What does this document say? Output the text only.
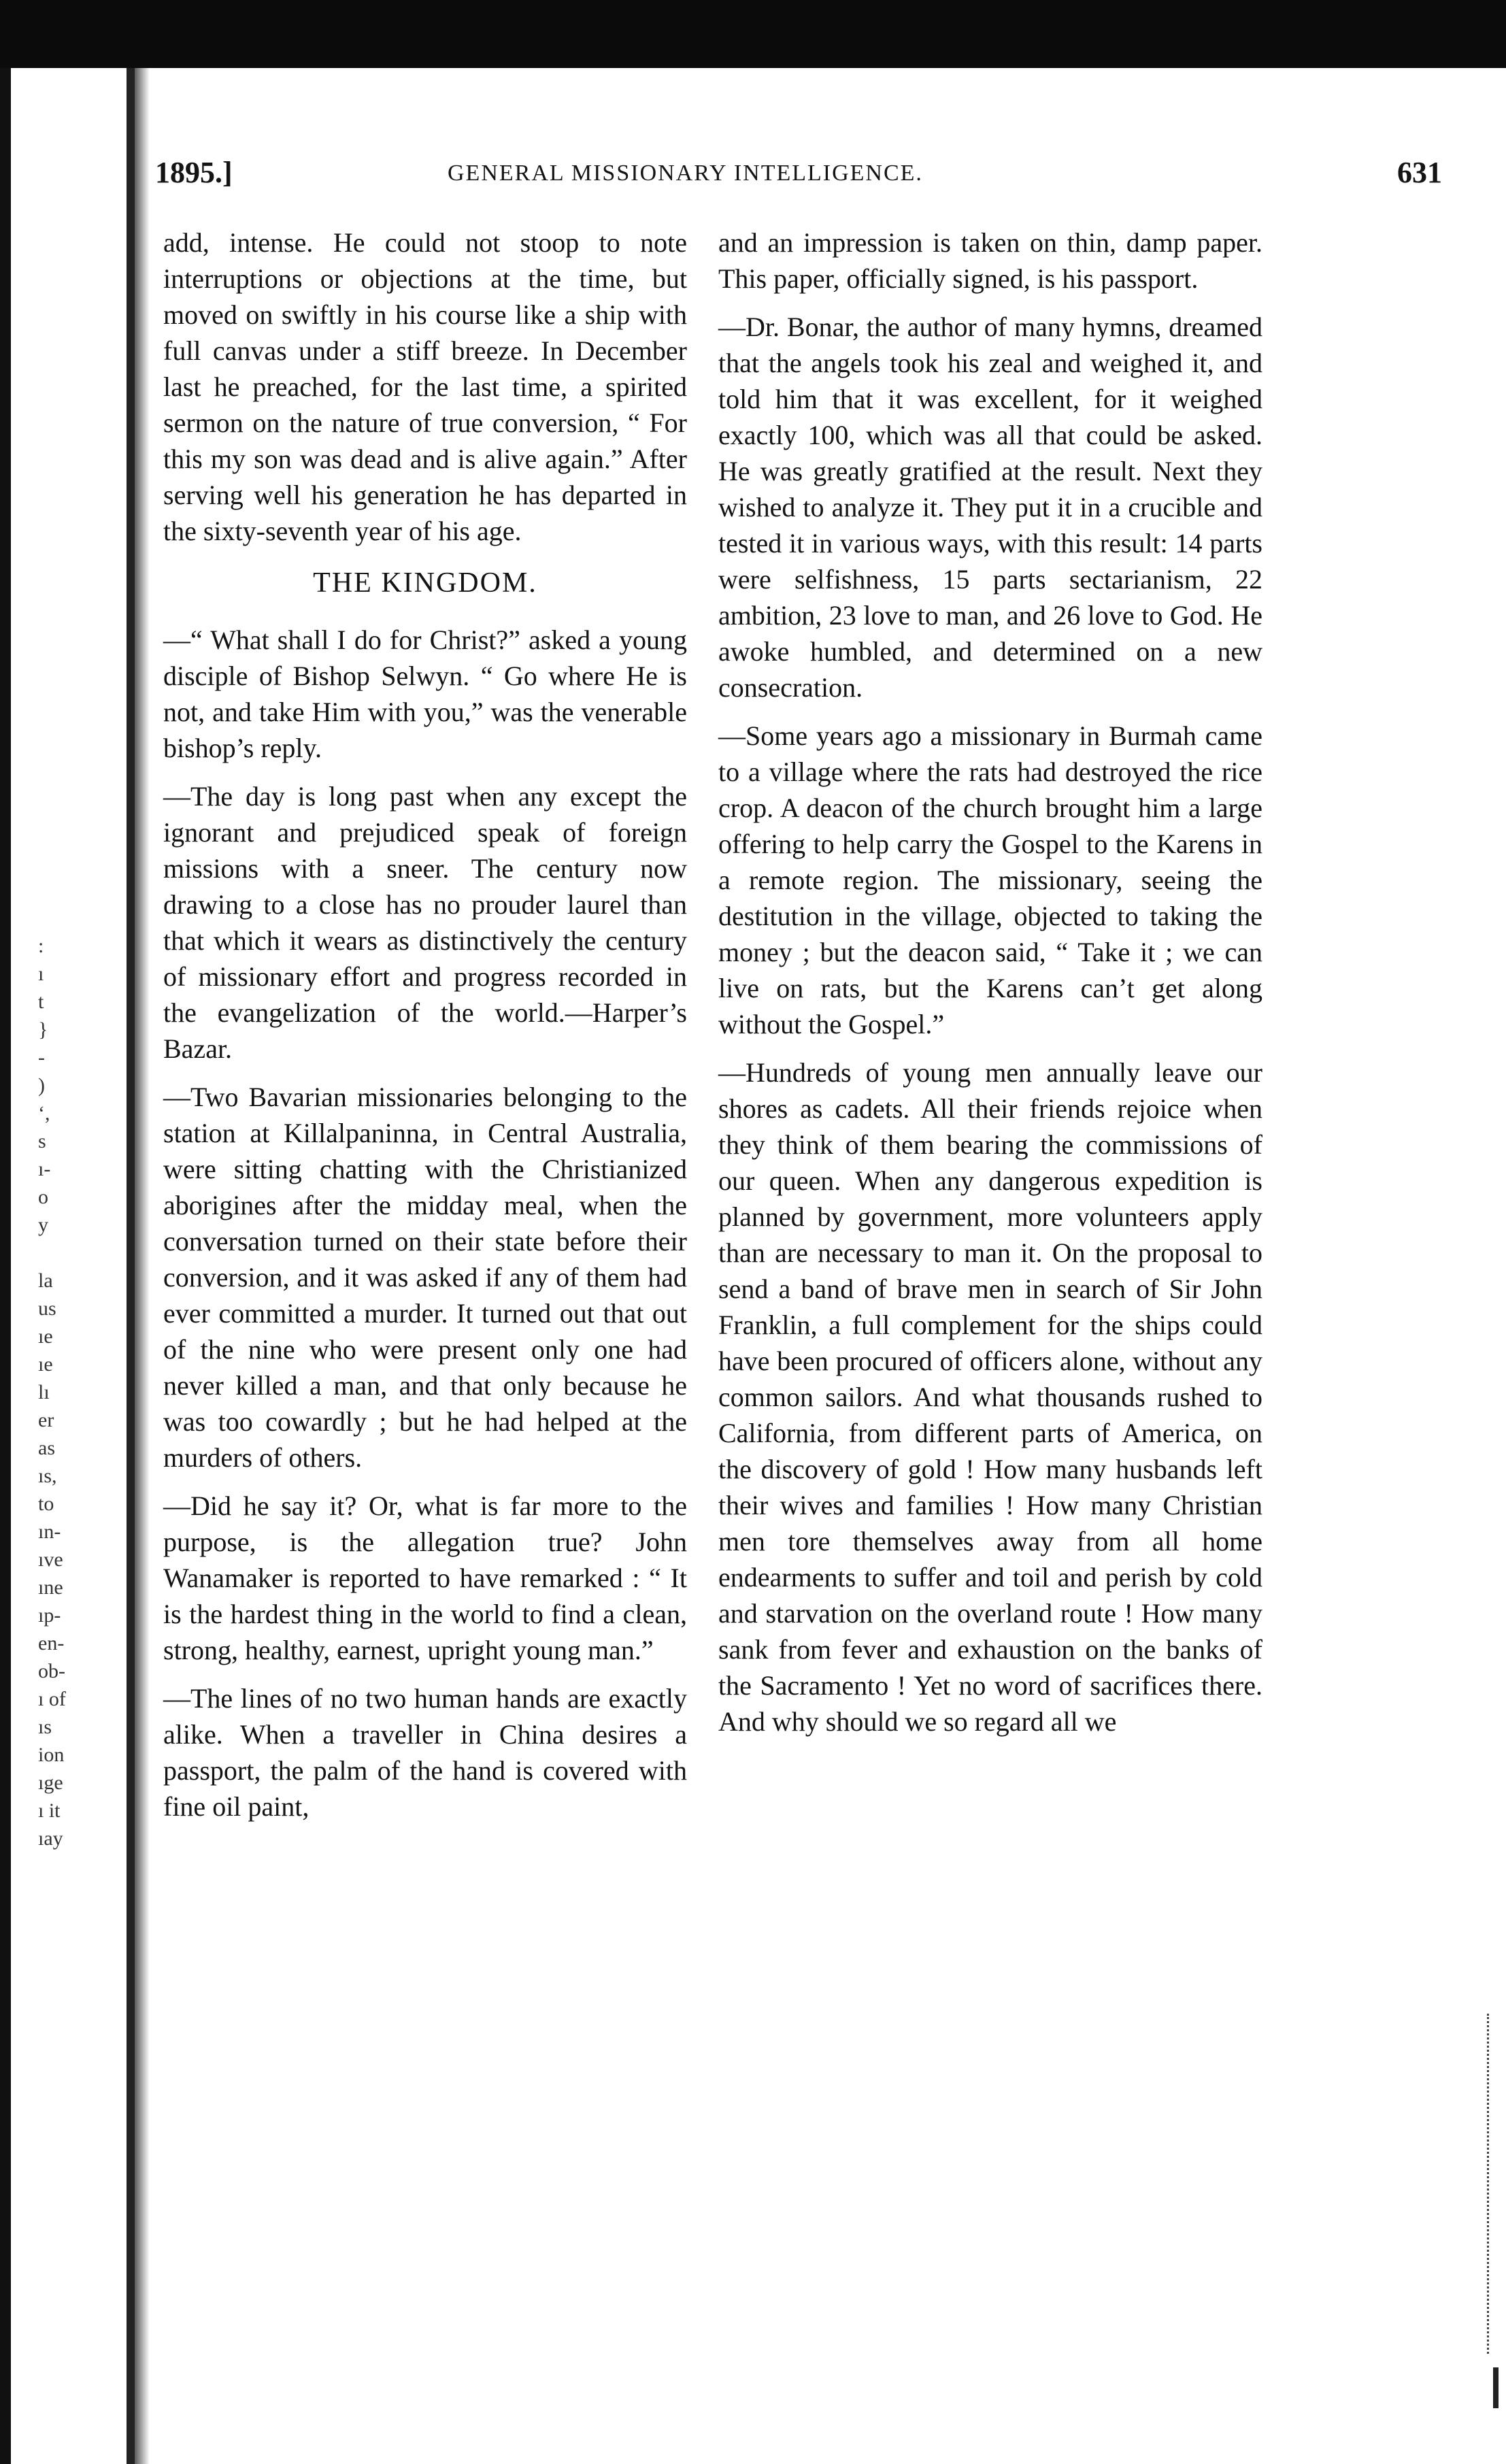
:
ı
t
}
-
)
‘,
s
ı-
o
y
la
us
ıe
ıe
lı
er
as
ıs,
to
ın-
ıve
ıne
ıp-
en-
ob-
ı of
ıs
ion
ıge
ı it
ıay
1895.]	GENERAL MISSIONARY INTELLIGENCE.	631

add, intense. He could not stoop to note interruptions or objections at the time, but moved on swiftly in his course like a ship with full canvas under a stiff breeze. In December last he preached, for the last time, a spirited sermon on the nature of true conversion, “ For this my son was dead and is alive again.” After serving well his generation he has departed in the sixty-seventh year of his age.

THE KINGDOM.

—“ What shall I do for Christ?” asked a young disciple of Bishop Selwyn. “ Go where He is not, and take Him with you,” was the venerable bishop’s reply.

—The day is long past when any except the ignorant and prejudiced speak of foreign missions with a sneer. The century now drawing to a close has no prouder laurel than that which it wears as distinctively the century of missionary effort and progress recorded in the evangelization of the world.—Harper’s Bazar.

—Two Bavarian missionaries belonging to the station at Killalpaninna, in Central Australia, were sitting chatting with the Christianized aborigines after the midday meal, when the conversation turned on their state before their conversion, and it was asked if any of them had ever committed a murder. It turned out that out of the nine who were present only one had never killed a man, and that only because he was too cowardly ; but he had helped at the murders of others.

—Did he say it? Or, what is far more to the purpose, is the allegation true? John Wanamaker is reported to have remarked : “ It is the hardest thing in the world to find a clean, strong, healthy, earnest, upright young man.”

—The lines of no two human hands are exactly alike. When a traveller in China desires a passport, the palm of the hand is covered with fine oil paint,

and an impression is taken on thin, damp paper. This paper, officially signed, is his passport.

—Dr. Bonar, the author of many hymns, dreamed that the angels took his zeal and weighed it, and told him that it was excellent, for it weighed exactly 100, which was all that could be asked. He was greatly gratified at the result. Next they wished to analyze it. They put it in a crucible and tested it in various ways, with this result: 14 parts were selfishness, 15 parts sectarianism, 22 ambition, 23 love to man, and 26 love to God. He awoke humbled, and determined on a new consecration.

—Some years ago a missionary in Burmah came to a village where the rats had destroyed the rice crop. A deacon of the church brought him a large offering to help carry the Gospel to the Karens in a remote region. The missionary, seeing the destitution in the village, objected to taking the money ; but the deacon said, “ Take it ; we can live on rats, but the Karens can’t get along without the Gospel.”

—Hundreds of young men annually leave our shores as cadets. All their friends rejoice when they think of them bearing the commissions of our queen. When any dangerous expedition is planned by government, more volunteers apply than are necessary to man it. On the proposal to send a band of brave men in search of Sir John Franklin, a full complement for the ships could have been procured of officers alone, without any common sailors. And what thousands rushed to California, from different parts of America, on the discovery of gold ! How many husbands left their wives and families ! How many Christian men tore themselves away from all home endearments to suffer and toil and perish by cold and starvation on the overland route ! How many sank from fever and exhaustion on the banks of the Sacramento ! Yet no word of sacrifices there. And why should we so regard all we
